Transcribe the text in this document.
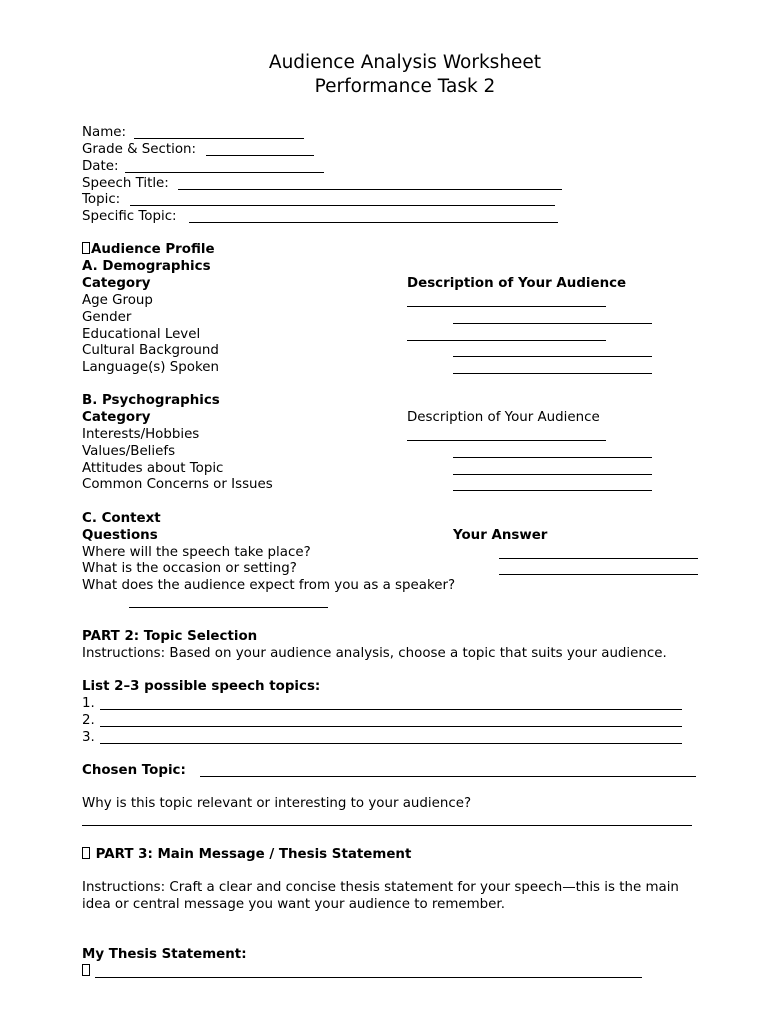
Audience Analysis Worksheet
Performance Task 2
Name:
Grade & Section:
Date:
Speech Title:
Topic:
Specific Topic:
Audience Profile
A. Demographics
Category	Description of Your Audience
Age Group
Gender
Educational Level
Cultural Background
Language(s) Spoken
B. Psychographics
Category	Description of Your Audience
Interests/Hobbies
Values/Beliefs
Attitudes about Topic
Common Concerns or Issues
C. Context
Questions	Your Answer
Where will the speech take place?
What is the occasion or setting?
What does the audience expect from you as a speaker?
PART 2: Topic Selection
Instructions: Based on your audience analysis, choose a topic that suits your audience.
List 2–3 possible speech topics:
1.
2.
3.
Chosen Topic:
Why is this topic relevant or interesting to your audience?
PART 3: Main Message / Thesis Statement
Instructions: Craft a clear and concise thesis statement for your speech—this is the main
idea or central message you want your audience to remember.
My Thesis Statement:
